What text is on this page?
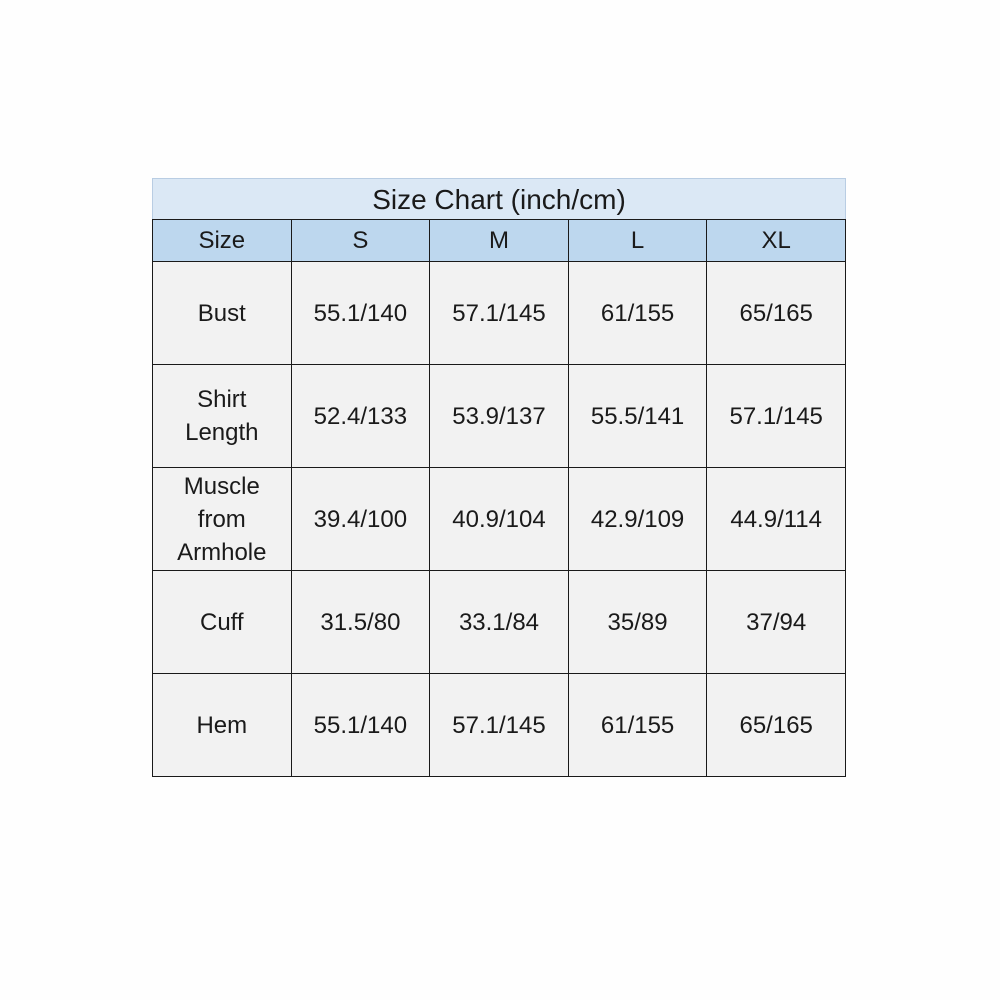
Size Chart (inch/cm)				
Size	S	M	L	XL
Bust	55.1/140	57.1/145	61/155	65/165
Shirt
Length	52.4/133	53.9/137	55.5/141	57.1/145
Muscle
from
Armhole	39.4/100	40.9/104	42.9/109	44.9/114
Cuff	31.5/80	33.1/84	35/89	37/94
Hem	55.1/140	57.1/145	61/155	65/165
